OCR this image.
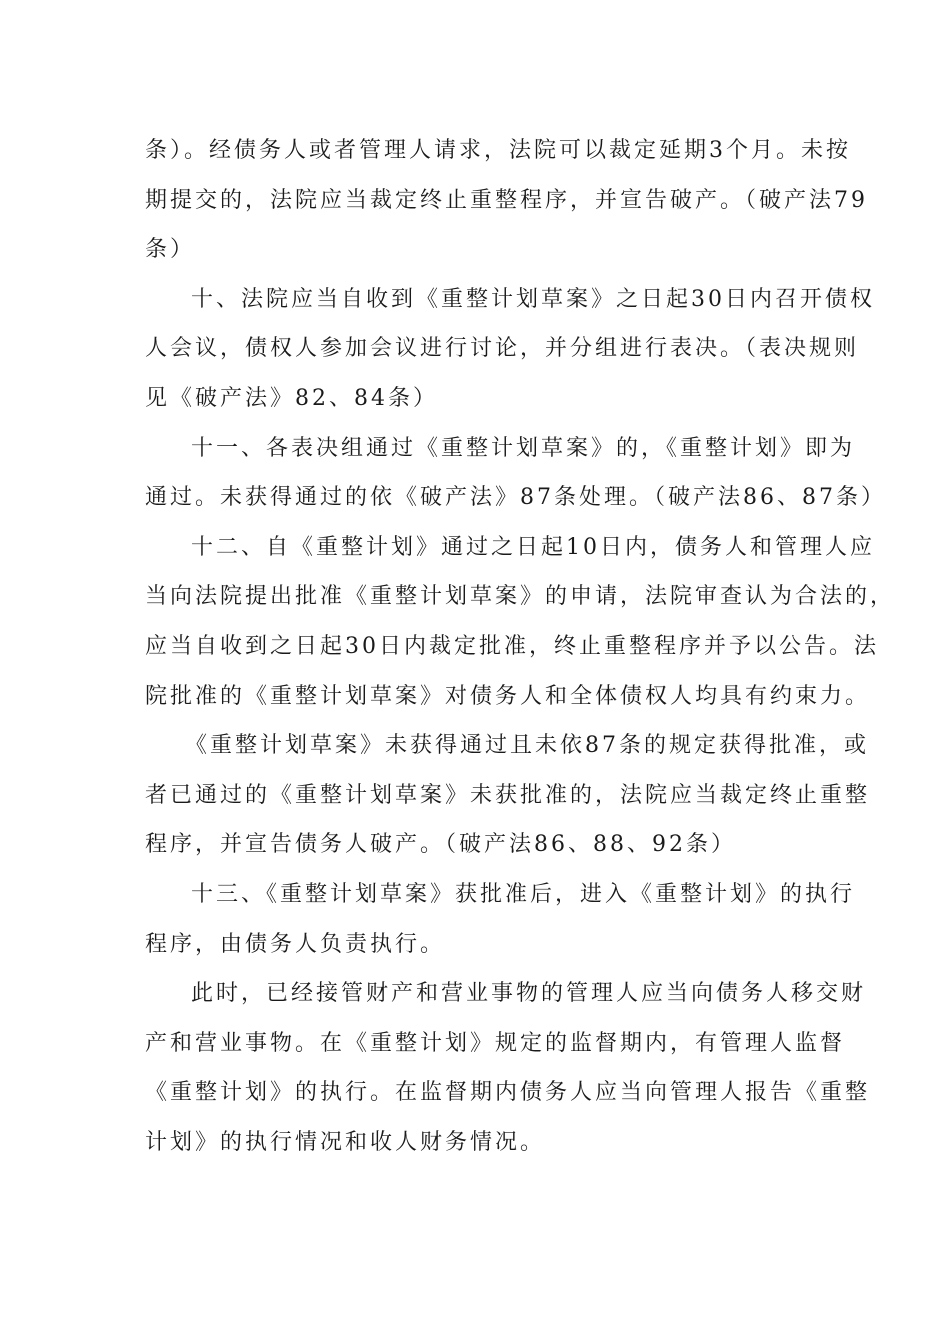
条）。经债务人或者管理人请求，法院可以裁定延期3个月。未按
期提交的，法院应当裁定终止重整程序，并宣告破产。（破产法79
条）
十、法院应当自收到《重整计划草案》之日起30日内召开债权
人会议，债权人参加会议进行讨论，并分组进行表决。（表决规则
见《破产法》82、84条）
十一、各表决组通过《重整计划草案》的，《重整计划》即为
通过。未获得通过的依《破产法》87条处理。（破产法86、87条）
十二、自《重整计划》通过之日起10日内，债务人和管理人应
当向法院提出批准《重整计划草案》的申请，法院审查认为合法的，
应当自收到之日起30日内裁定批准，终止重整程序并予以公告。法
院批准的《重整计划草案》对债务人和全体债权人均具有约束力。
《重整计划草案》未获得通过且未依87条的规定获得批准，或
者已通过的《重整计划草案》未获批准的，法院应当裁定终止重整
程序，并宣告债务人破产。（破产法86、88、92条）
十三、《重整计划草案》获批准后，进入《重整计划》的执行
程序，由债务人负责执行。
此时，已经接管财产和营业事物的管理人应当向债务人移交财
产和营业事物。在《重整计划》规定的监督期内，有管理人监督
《重整计划》的执行。在监督期内债务人应当向管理人报告《重整
计划》的执行情况和收人财务情况。
